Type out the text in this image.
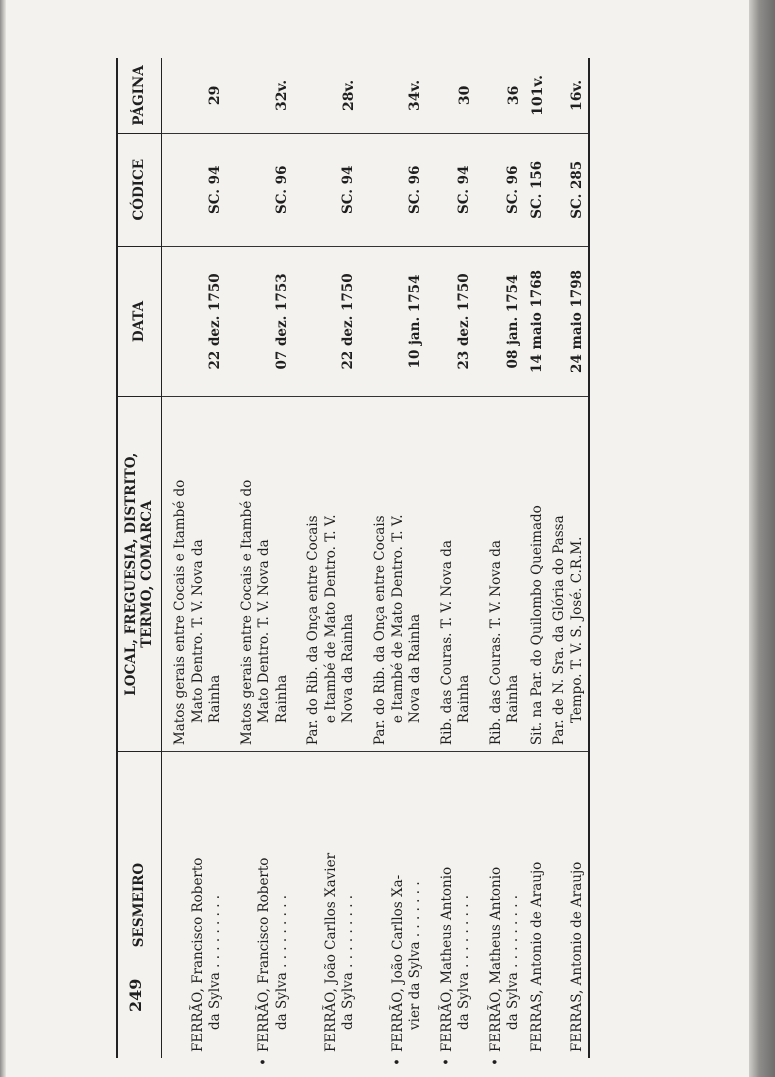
SESMEIRO	LOCAL, FREGUESIA, DISTRITO,
TERMO, COMARCA	DATA	CÓDICE	PÁGINA

FERRÃO, Francisco Roberto da Sylva . . . . . . . . .	Matos gerais entre Cocais e Itambé do Mato Dentro. T. V. Nova da Rainha	22 dez. 1750	SC. 94	29

•FERRÃO, Francisco Roberto da Sylva . . . . . . . . .	Matos gerais entre Cocais e Itambé do Mato Dentro. T. V. Nova da Rainha	07 dez. 1753	SC. 96	32v.

FERRÃO, João Carllos Xavier da Sylva . . . . . . . . .	Par. do Rib. da Onça entre Cocais e Itambé de Mato Dentro. T. V. Nova da Rainha	22 dez. 1750	SC. 94	28v.

•FERRÃO, João Carllos Xa- vier da Sylva . . . . . . .	Par. do Rib. da Onça entre Cocais e Itambé de Mato Dentro. T. V. Nova da Rainha	10 jan. 1754	SC. 96	34v.

•FERRÃO, Matheus Antonio da Sylva . . . . . . . . .	Rib. das Couras. T. V. Nova da Rainha	23 dez. 1750	SC. 94	30

•FERRÃO, Matheus Antonio da Sylva . . . . . . . . .	Rib. das Couras. T. V. Nova da Rainha	08 jan. 1754	SC. 96	36

FERRAS, Antonio de Araujo	Sit. na Par. do Quilombo Queimado	14 maio 1768	SC. 156	101v.

FERRAS, Antonio de Araujo	Par. de N. Sra. da Glória do Passa Tempo. T. V. S. José. C.R.M.	24 maio 1798	SC. 285	16v.
249
